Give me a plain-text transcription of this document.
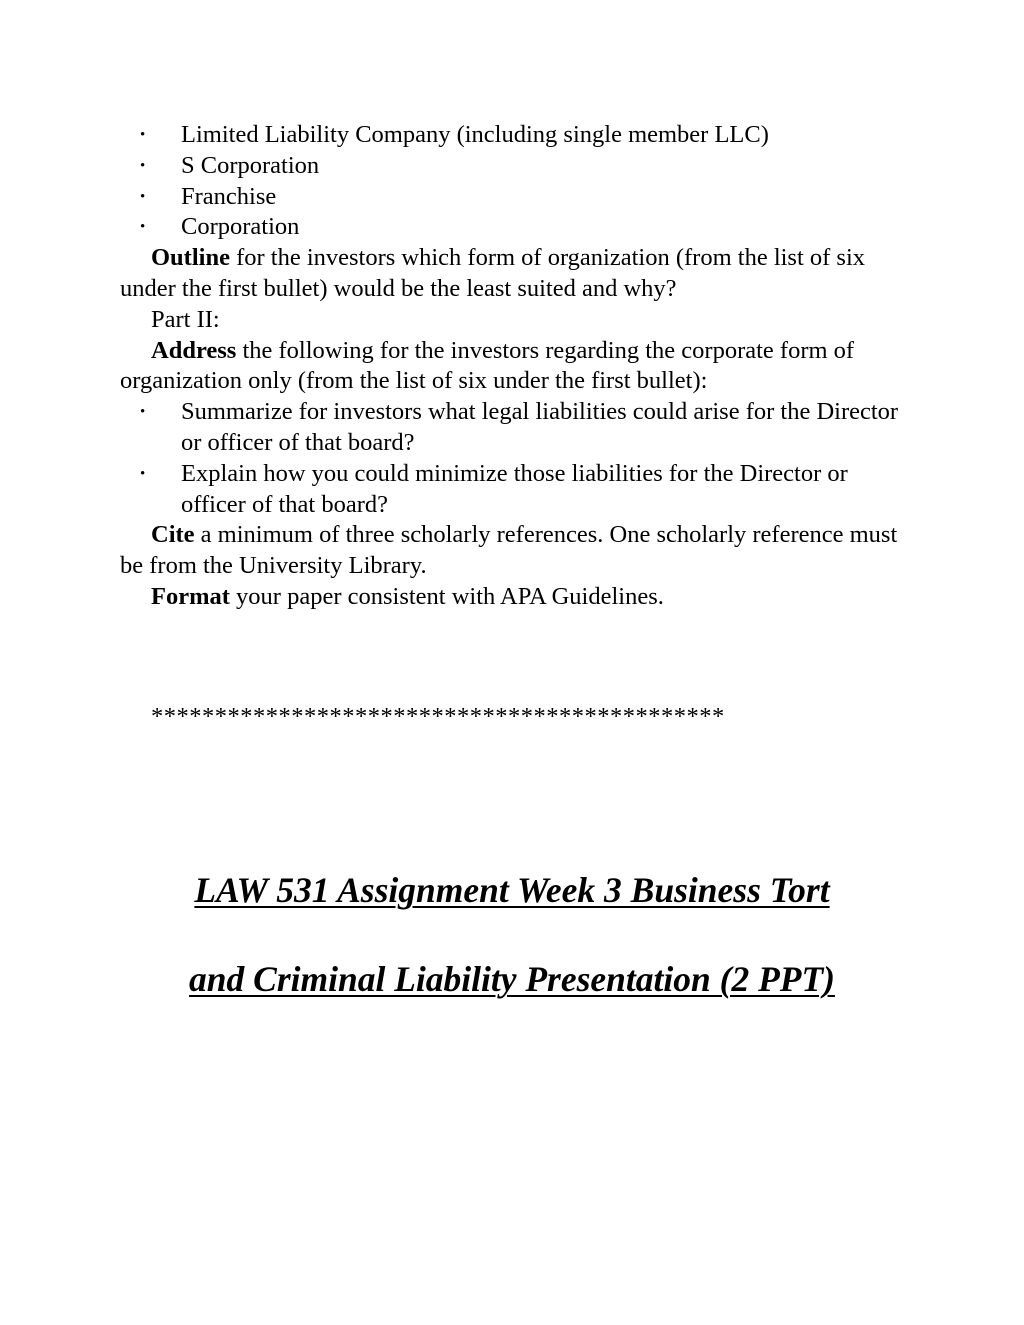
• Limited Liability Company (including single member LLC)
• S Corporation
• Franchise
• Corporation

Outline for the investors which form of organization (from the list of six under the first bullet) would be the least suited and why?

Part II:

Address the following for the investors regarding the corporate form of organization only (from the list of six under the first bullet):

• Summarize for investors what legal liabilities could arise for the Director or officer of that board?
• Explain how you could minimize those liabilities for the Director or officer of that board?

Cite a minimum of three scholarly references. One scholarly reference must be from the University Library.

Format your paper consistent with APA Guidelines.

*********************************************
LAW 531 Assignment Week 3 Business Tort
and Criminal Liability Presentation (2 PPT)
